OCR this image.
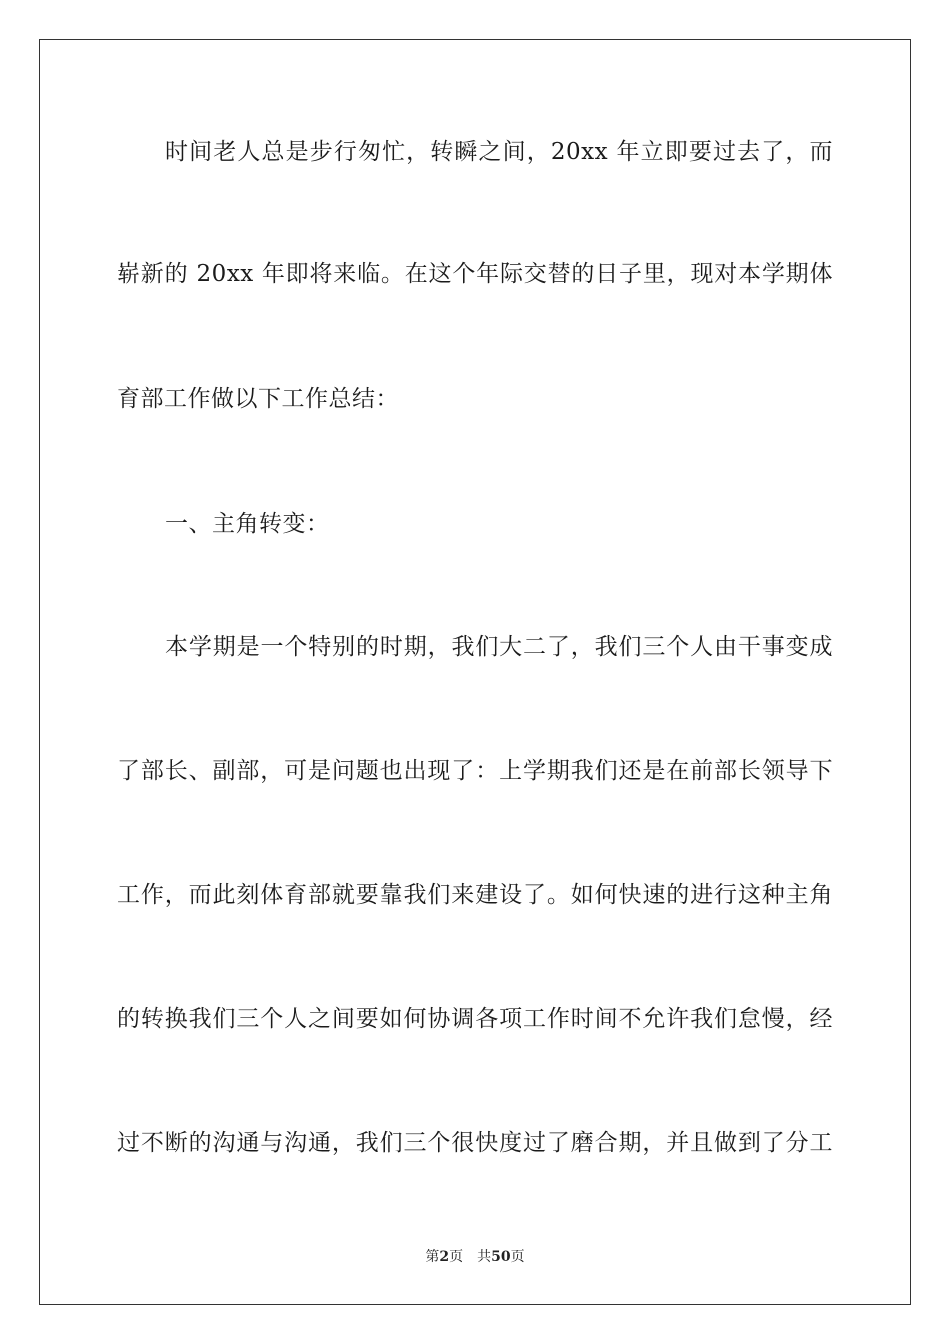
时间老人总是步行匆忙，转瞬之间，20xx 年立即要过去了，而
崭新的 20xx 年即将来临。在这个年际交替的日子里，现对本学期体
育部工作做以下工作总结：
一、主角转变：
本学期是一个特别的时期，我们大二了，我们三个人由干事变成
了部长、副部，可是问题也出现了：上学期我们还是在前部长领导下
工作，而此刻体育部就要靠我们来建设了。如何快速的进行这种主角
的转换我们三个人之间要如何协调各项工作时间不允许我们怠慢，经
过不断的沟通与沟通，我们三个很快度过了磨合期，并且做到了分工
第2页 共50页
